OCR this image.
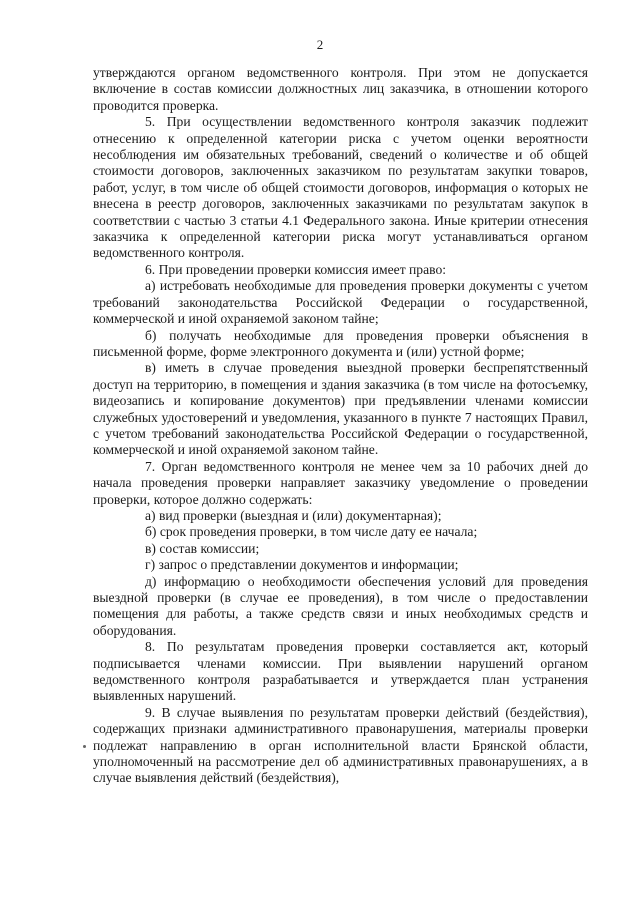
2

утверждаются органом ведомственного контроля. При этом не допускается включение в состав комиссии должностных лиц заказчика, в отношении которого проводится проверка.

5. При осуществлении ведомственного контроля заказчик подлежит отнесению к определенной категории риска с учетом оценки вероятности несоблюдения им обязательных требований, сведений о количестве и об общей стоимости договоров, заключенных заказчиком по результатам закупки товаров, работ, услуг, в том числе об общей стоимости договоров, информация о которых не внесена в реестр договоров, заключенных заказчиками по результатам закупок в соответствии с частью 3 статьи 4.1 Федерального закона. Иные критерии отнесения заказчика к определенной категории риска могут устанавливаться органом ведомственного контроля.

6. При проведении проверки комиссия имеет право:

а) истребовать необходимые для проведения проверки документы с учетом требований законодательства Российской Федерации о государственной, коммерческой и иной охраняемой законом тайне;

б) получать необходимые для проведения проверки объяснения в письменной форме, форме электронного документа и (или) устной форме;

в) иметь в случае проведения выездной проверки беспрепятственный доступ на территорию, в помещения и здания заказчика (в том числе на фотосъемку, видеозапись и копирование документов) при предъявлении членами комиссии служебных удостоверений и уведомления, указанного в пункте 7 настоящих Правил, с учетом требований законодательства Российской Федерации о государственной, коммерческой и иной охраняемой законом тайне.

7. Орган ведомственного контроля не менее чем за 10 рабочих дней до начала проведения проверки направляет заказчику уведомление о проведении проверки, которое должно содержать:

а) вид проверки (выездная и (или) документарная);

б) срок проведения проверки, в том числе дату ее начала;

в) состав комиссии;

г) запрос о представлении документов и информации;

д) информацию о необходимости обеспечения условий для проведения выездной проверки (в случае ее проведения), в том числе о предоставлении помещения для работы, а также средств связи и иных необходимых средств и оборудования.

8. По результатам проведения проверки составляется акт, который подписывается членами комиссии. При выявлении нарушений органом ведомственного контроля разрабатывается и утверждается план устранения выявленных нарушений.

9. В случае выявления по результатам проверки действий (бездействия), содержащих признаки административного правонарушения, материалы проверки подлежат направлению в орган исполнительной власти Брянской области, уполномоченный на рассмотрение дел об административных правонарушениях, а в случае выявления действий (бездействия),
